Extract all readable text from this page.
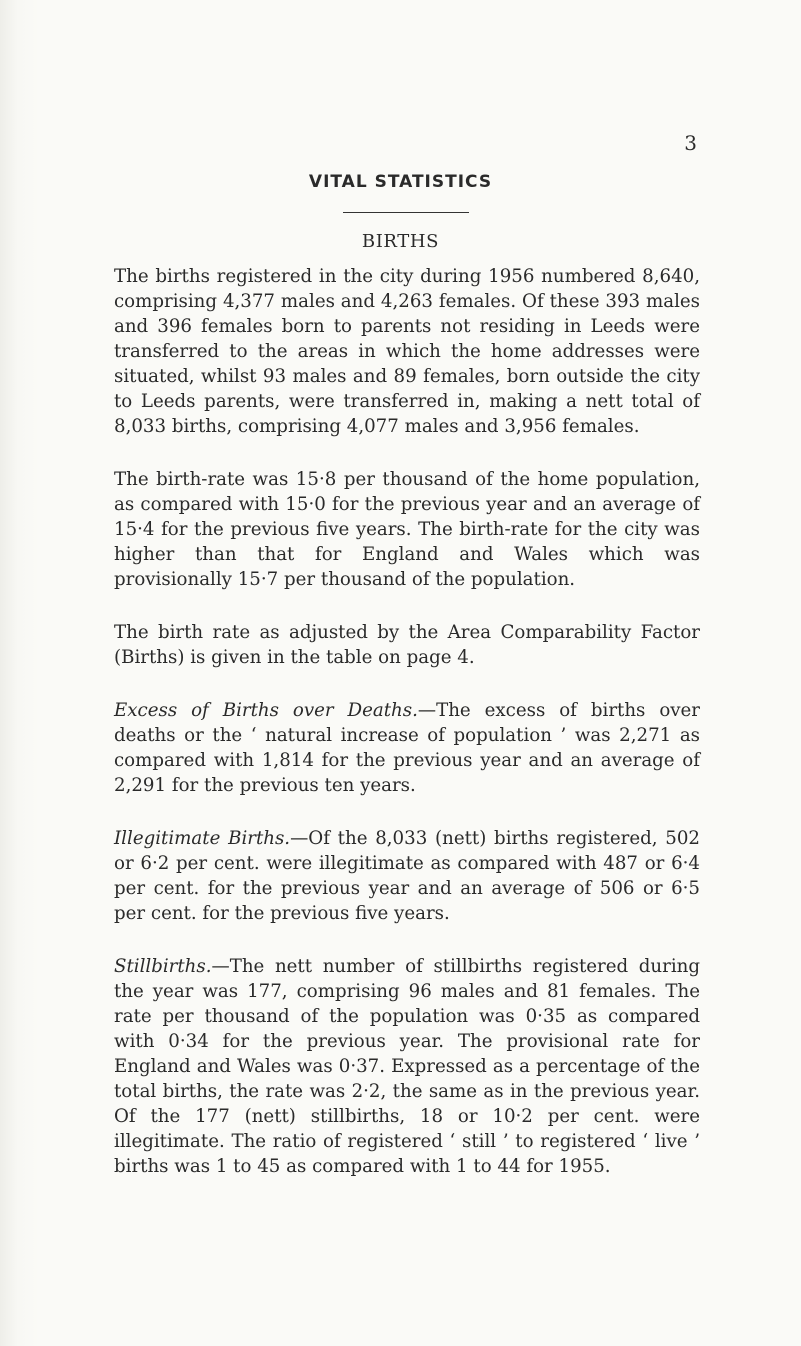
3
VITAL STATISTICS
BIRTHS

The births registered in the city during 1956 numbered 8,640, comprising 4,377 males and 4,263 females. Of these 393 males and 396 females born to parents not residing in Leeds were transferred to the areas in which the home addresses were situated, whilst 93 males and 89 females, born outside the city to Leeds parents, were transferred in, making a nett total of 8,033 births, comprising 4,077 males and 3,956 females.

The birth-rate was 15·8 per thousand of the home population, as compared with 15·0 for the previous year and an average of 15·4 for the previous five years. The birth-rate for the city was higher than that for England and Wales which was provisionally 15·7 per thousand of the population.

The birth rate as adjusted by the Area Comparability Factor (Births) is given in the table on page 4.

Excess of Births over Deaths.—The excess of births over deaths or the ‘ natural increase of population ’ was 2,271 as compared with 1,814 for the previous year and an average of 2,291 for the previous ten years.

Illegitimate Births.—Of the 8,033 (nett) births registered, 502 or 6·2 per cent. were illegitimate as compared with 487 or 6·4 per cent. for the previous year and an average of 506 or 6·5 per cent. for the previous five years.

Stillbirths.—The nett number of stillbirths registered during the year was 177, comprising 96 males and 81 females. The rate per thousand of the population was 0·35 as compared with 0·34 for the previous year. The provisional rate for England and Wales was 0·37. Expressed as a percentage of the total births, the rate was 2·2, the same as in the previous year. Of the 177 (nett) stillbirths, 18 or 10·2 per cent. were illegitimate. The ratio of registered ‘ still ’ to registered ‘ live ’ births was 1 to 45 as compared with 1 to 44 for 1955.
